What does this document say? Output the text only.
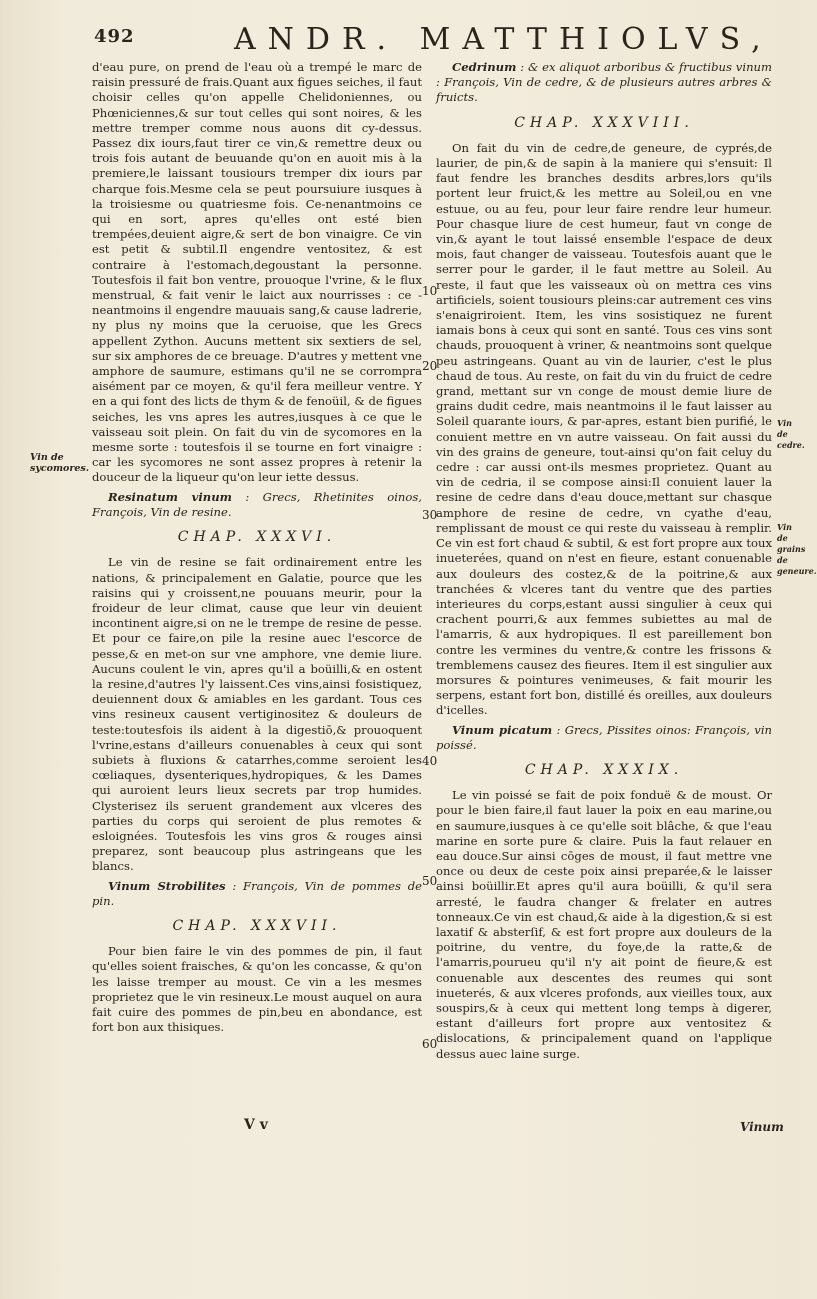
492	ANDR. MATTHIOLVS,

d'eau pure, on prend de l'eau où a trempé le marc de raisin pressuré de frais.Quant aux figues seiches, il faut choisir celles qu'on appelle Chelidoniennes, ou Phœniciennes,& sur tout celles qui sont noires, & les mettre tremper comme nous auons dit cy-dessus. Passez dix iours,faut tirer ce vin,& remettre deux ou trois fois autant de beuuande qu'on en auoit mis à la premiere,le laissant tousiours tremper dix iours par charque fois.Mesme cela se peut poursuiure iusques à la troisiesme ou quatriesme fois. Ce-nenantmoins ce qui en sort, apres qu'elles ont esté bien trempées,deuient aigre,& sert de bon vinaigre. Ce vin est petit & subtil.Il engendre ventositez, & est contraire à l'estomach,degoustant la personne. Toutesfois il fait bon ventre, prouoque l'vrine, & le flux menstrual, & fait venir le laict aux nourrisses : ce - neantmoins il engendre mauuais sang,& cause ladrerie, ny plus ny moins que la ceruoise, que les Grecs appellent Zython. Aucuns mettent six sextiers de sel, sur six amphores de ce breuage. D'autres y mettent vne amphore de saumure, estimans qu'il ne se corrompra aisément par ce moyen, & qu'il fera meilleur ventre. Y en a qui font des licts de thym & de fenoüil, & de figues seiches, les vns apres les autres,iusques à ce que le vaisseau soit plein. On fait du vin de sycomores en la mesme sorte : toutesfois il se tourne en fort vinaigre : car les sycomores ne sont assez propres à retenir la douceur de la liqueur qu'on leur iette dessus.

Resinatum vinum : Grecs, Rhetinites oinos, François, Vin de resine.

CHAP. XXXVI.

Le vin de resine se fait ordinairement entre les nations, & principalement en Galatie, pource que les raisins qui y croissent,ne pouuans meurir, pour la froideur de leur climat, cause que leur vin deuient incontinent aigre,si on ne le trempe de resine de pesse. Et pour ce faire,on pile la resine auec l'escorce de pesse,& en met-on sur vne amphore, vne demie liure. Aucuns coulent le vin, apres qu'il a boüilli,& en ostent la resine,d'autres l'y laissent.Ces vins,ainsi fosistiquez, deuiennent doux & amiables en les gardant. Tous ces vins resineux causent vertiginositez & douleurs de teste:toutesfois ils aident à la digestiō,& prouoquent l'vrine,estans d'ailleurs conuenables à ceux qui sont subiets à fluxions & catarrhes,comme seroient les cœliaques, dysenteriques,hydropiques, & les Dames qui auroient leurs lieux secrets par trop humides. Clysterisez ils seruent grandement aux vlceres des parties du corps qui seroient de plus remotes & esloignées. Toutesfois les vins gros & rouges ainsi preparez, sont beaucoup plus astringeans que les blancs.

Vinum Strobilites : François, Vin de pommes de pin.

CHAP. XXXVII.

Pour bien faire le vin des pommes de pin, il faut qu'elles soient fraisches, & qu'on les concasse, & qu'on les laisse tremper au moust. Ce vin a les mesmes proprietez que le vin resineux.Le moust auquel on aura fait cuire des pommes de pin,beu en abondance, est fort bon aux thisiques.

Cedrinum : & ex aliquot arboribus & fructibus vinum : François, Vin de cedre, & de plusieurs autres arbres & fruicts.

CHAP. XXXVIII.

On fait du vin de cedre,de geneure, de cyprés,de laurier, de pin,& de sapin à la maniere qui s'ensuit: Il faut fendre les branches desdits arbres,lors qu'ils portent leur fruict,& les mettre au Soleil,ou en vne estuue, ou au feu, pour leur faire rendre leur humeur. Pour chasque liure de cest humeur, faut vn conge de vin,& ayant le tout laissé ensemble l'espace de deux mois, faut changer de vaisseau. Toutesfois auant que le serrer pour le garder, il le faut mettre au Soleil. Au reste, il faut que les vaisseaux où on mettra ces vins artificiels, soient tousiours pleins:car autrement ces vins s'enaigriroient. Item, les vins sosistiquez ne furent iamais bons à ceux qui sont en santé. Tous ces vins sont chauds, prouoquent à vriner, & neantmoins sont quelque peu astringeans. Quant au vin de laurier, c'est le plus chaud de tous. Au reste, on fait du vin du fruict de cedre grand, mettant sur vn conge de moust demie liure de grains dudit cedre, mais neantmoins il le faut laisser au Soleil quarante iours, & par-apres, estant bien purifié, le conuient mettre en vn autre vaisseau. On fait aussi du vin des grains de geneure, tout-ainsi qu'on fait celuy du cedre : car aussi ont-ils mesmes proprietez. Quant au vin de cedria, il se compose ainsi:Il conuient lauer la resine de cedre dans d'eau douce,mettant sur chasque amphore de resine de cedre, vn cyathe d'eau, remplissant de moust ce qui reste du vaisseau à remplir. Ce vin est fort chaud & subtil, & est fort propre aux toux inueterées, quand on n'est en fieure, estant conuenable aux douleurs des costez,& de la poitrine,& aux tranchées & vlceres tant du ventre que des parties interieures du corps,estant aussi singulier à ceux qui crachent pourri,& aux femmes subiettes au mal de l'amarris, & aux hydropiques. Il est pareillement bon contre les vermines du ventre,& contre les frissons & tremblemens causez des fieures. Item il est singulier aux morsures & pointures venimeuses, & fait mourir les serpens, estant fort bon, distillé és oreilles, aux douleurs d'icelles.

Vinum picatum : Grecs, Pissites oinos: François, vin poissé.

CHAP. XXXIX.

Le vin poissé se fait de poix fonduë & de moust. Or pour le bien faire,il faut lauer la poix en eau marine,ou en saumure,iusques à ce qu'elle soit blâche, & que l'eau marine en sorte pure & claire. Puis la faut relauer en eau douce.Sur ainsi cōges de moust, il faut mettre vne once ou deux de ceste poix ainsi preparée,& le laisser ainsi boüillir.Et apres qu'il aura boüilli, & qu'il sera arresté, le faudra changer & frelater en autres tonneaux.Ce vin est chaud,& aide à la digestion,& si est laxatif & absterſif, & est fort propre aux douleurs de la poitrine, du ventre, du foye,de la ratte,& de l'amarris,pourueu qu'il n'y ait point de fieure,& est conuenable aux descentes des reumes qui sont inueterés, & aux vlceres profonds, aux vieilles toux, aux souspirs,& à ceux qui mettent long temps à digerer, estant d'ailleurs fort propre aux ventositez & dislocations, & principalement quand on l'applique dessus auec laine surge.

Vin de sycomores.
Vin de cedre.
Vin de grains de geneure.
10
20
30
40
50
60
V v	Vinum
